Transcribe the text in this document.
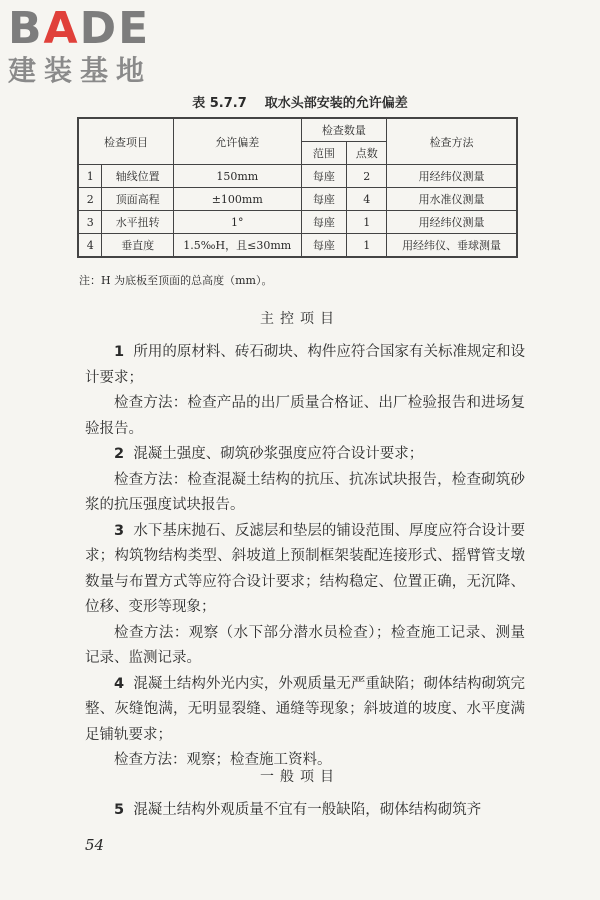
BADE
建装基地
表 5.7.7 取水头部安装的允许偏差
检查项目		允许偏差	检查数量		检查方法
			范围	点数	
1	轴线位置	150mm	每座	2	用经纬仪测量
2	顶面高程	±100mm	每座	4	用水准仪测量
3	水平扭转	1°	每座	1	用经纬仪测量
4	垂直度	1.5‰H，且≤30mm	每座	1	用经纬仪、垂球测量
注：H 为底板至顶面的总高度（mm）。
主控项目

1 所用的原材料、砖石砌块、构件应符合国家有关标准规定和设计要求；

检查方法：检查产品的出厂质量合格证、出厂检验报告和进场复验报告。

2 混凝土强度、砌筑砂浆强度应符合设计要求；

检查方法：检查混凝土结构的抗压、抗冻试块报告，检查砌筑砂浆的抗压强度试块报告。

3 水下基床抛石、反滤层和垫层的铺设范围、厚度应符合设计要求；构筑物结构类型、斜坡道上预制框架装配连接形式、摇臂管支墩数量与布置方式等应符合设计要求；结构稳定、位置正确，无沉降、位移、变形等现象；

检查方法：观察（水下部分潜水员检查）；检查施工记录、测量记录、监测记录。

4 混凝土结构外光内实，外观质量无严重缺陷；砌体结构砌筑完整、灰缝饱满，无明显裂缝、通缝等现象；斜坡道的坡度、水平度满足铺轨要求；

检查方法：观察；检查施工资料。

一般项目

5 混凝土结构外观质量不宜有一般缺陷，砌体结构砌筑齐

54
